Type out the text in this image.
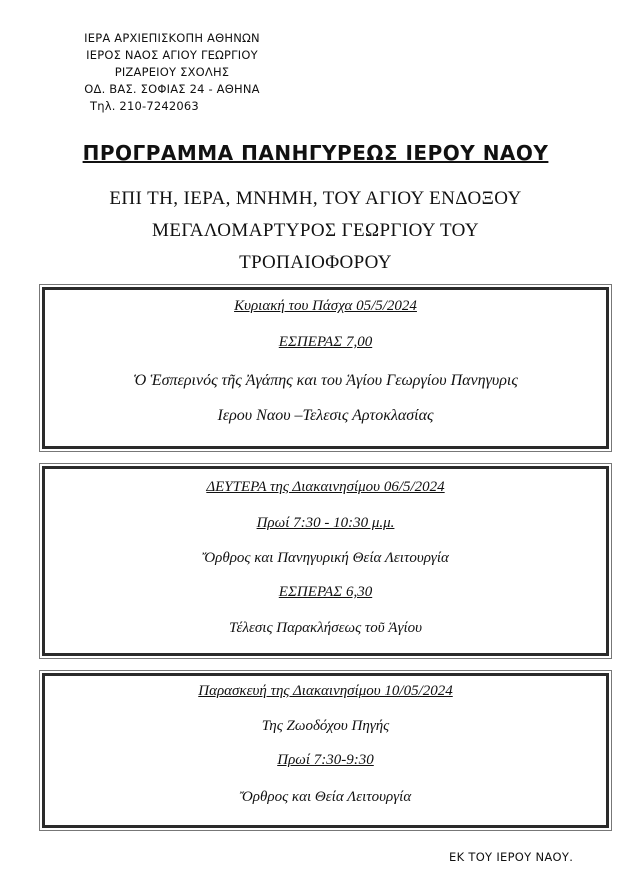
ΙΕΡΑ ΑΡΧΙΕΠΙΣΚΟΠΗ ΑΘΗΝΩΝ
ΙΕΡΟΣ ΝΑΟΣ ΑΓΙΟΥ ΓΕΩΡΓΙΟΥ
ΡΙΖΑΡΕΙΟΥ ΣΧΟΛΗΣ
ΟΔ. ΒΑΣ. ΣΟΦΙΑΣ 24 - ΑΘΗΝΑ
Τηλ. 210-7242063
ΠΡΟΓΡΑΜΜΑ ΠΑΝΗΓΥΡΕΩΣ ΙΕΡΟΥ ΝΑΟΥ
ΕΠΙ ΤΗ, ΙΕΡΑ, ΜΝΗΜΗ, ΤΟΥ ΑΓΙΟΥ ΕΝΔΟΞΟΥ
ΜΕΓΑΛΟΜΑΡΤΥΡΟΣ ΓΕΩΡΓΙΟΥ ΤΟΥ
ΤΡΟΠΑΙΟΦΟΡΟΥ
Κυριακή του Πάσχα 05/5/2024
ΕΣΠΕΡΑΣ 7,00
Ὁ Ἑσπερινός τῆς Ἀγάπης και του Ἁγίου Γεωργίου Πανηγυρις
Ιερου Ναου –Τελεσις Αρτοκλασίας
ΔΕΥΤΕΡΑ της Διακαινησίμου 06/5/2024
Πρωί 7:30 - 10:30 μ.μ.
Ὄρθρος και Πανηγυρική Θεία Λειτουργία
ΕΣΠΕΡΑΣ 6,30
Τέλεσις Παρακλήσεως τοῦ Ἁγίου
Παρασκευή της Διακαινησίμου 10/05/2024
Της Ζωοδόχου Πηγής
Πρωί 7:30-9:30
Ὄρθρος και Θεία Λειτουργία
ΕΚ ΤΟΥ ΙΕΡΟΥ ΝΑΟΥ.
